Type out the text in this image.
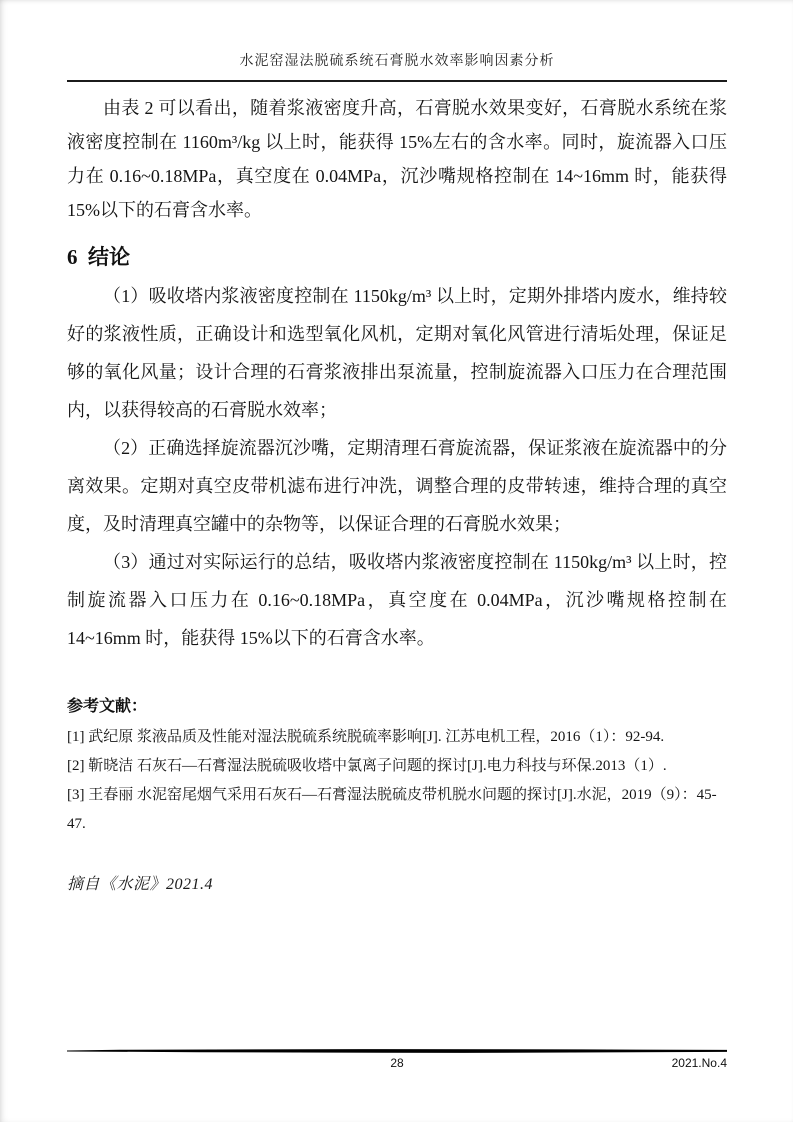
水泥窑湿法脱硫系统石膏脱水效率影响因素分析

由表 2 可以看出，随着浆液密度升高，石膏脱水效果变好，石膏脱水系统在浆液密度控制在 1160m³/kg 以上时，能获得 15%左右的含水率。同时，旋流器入口压力在 0.16~0.18MPa，真空度在 0.04MPa，沉沙嘴规格控制在 14~16mm 时，能获得 15%以下的石膏含水率。

6  结论

（1）吸收塔内浆液密度控制在 1150kg/m³ 以上时，定期外排塔内废水，维持较好的浆液性质，正确设计和选型氧化风机，定期对氧化风管进行清垢处理，保证足够的氧化风量；设计合理的石膏浆液排出泵流量，控制旋流器入口压力在合理范围内，以获得较高的石膏脱水效率；

（2）正确选择旋流器沉沙嘴，定期清理石膏旋流器，保证浆液在旋流器中的分离效果。定期对真空皮带机滤布进行冲洗，调整合理的皮带转速，维持合理的真空度，及时清理真空罐中的杂物等，以保证合理的石膏脱水效果；

（3）通过对实际运行的总结，吸收塔内浆液密度控制在 1150kg/m³ 以上时，控制旋流器入口压力在 0.16~0.18MPa，真空度在 0.04MPa，沉沙嘴规格控制在 14~16mm 时，能获得 15%以下的石膏含水率。

参考文献：
[1] 武纪原 浆液品质及性能对湿法脱硫系统脱硫率影响[J]. 江苏电机工程，2016（1）：92-94.
[2] 靳晓洁 石灰石—石膏湿法脱硫吸收塔中氯离子问题的探讨[J].电力科技与环保.2013（1）.
[3] 王春丽 水泥窑尾烟气采用石灰石—石膏湿法脱硫皮带机脱水问题的探讨[J].水泥，2019（9）：45-47.
摘自《水泥》2021.4
28	2021.No.4
